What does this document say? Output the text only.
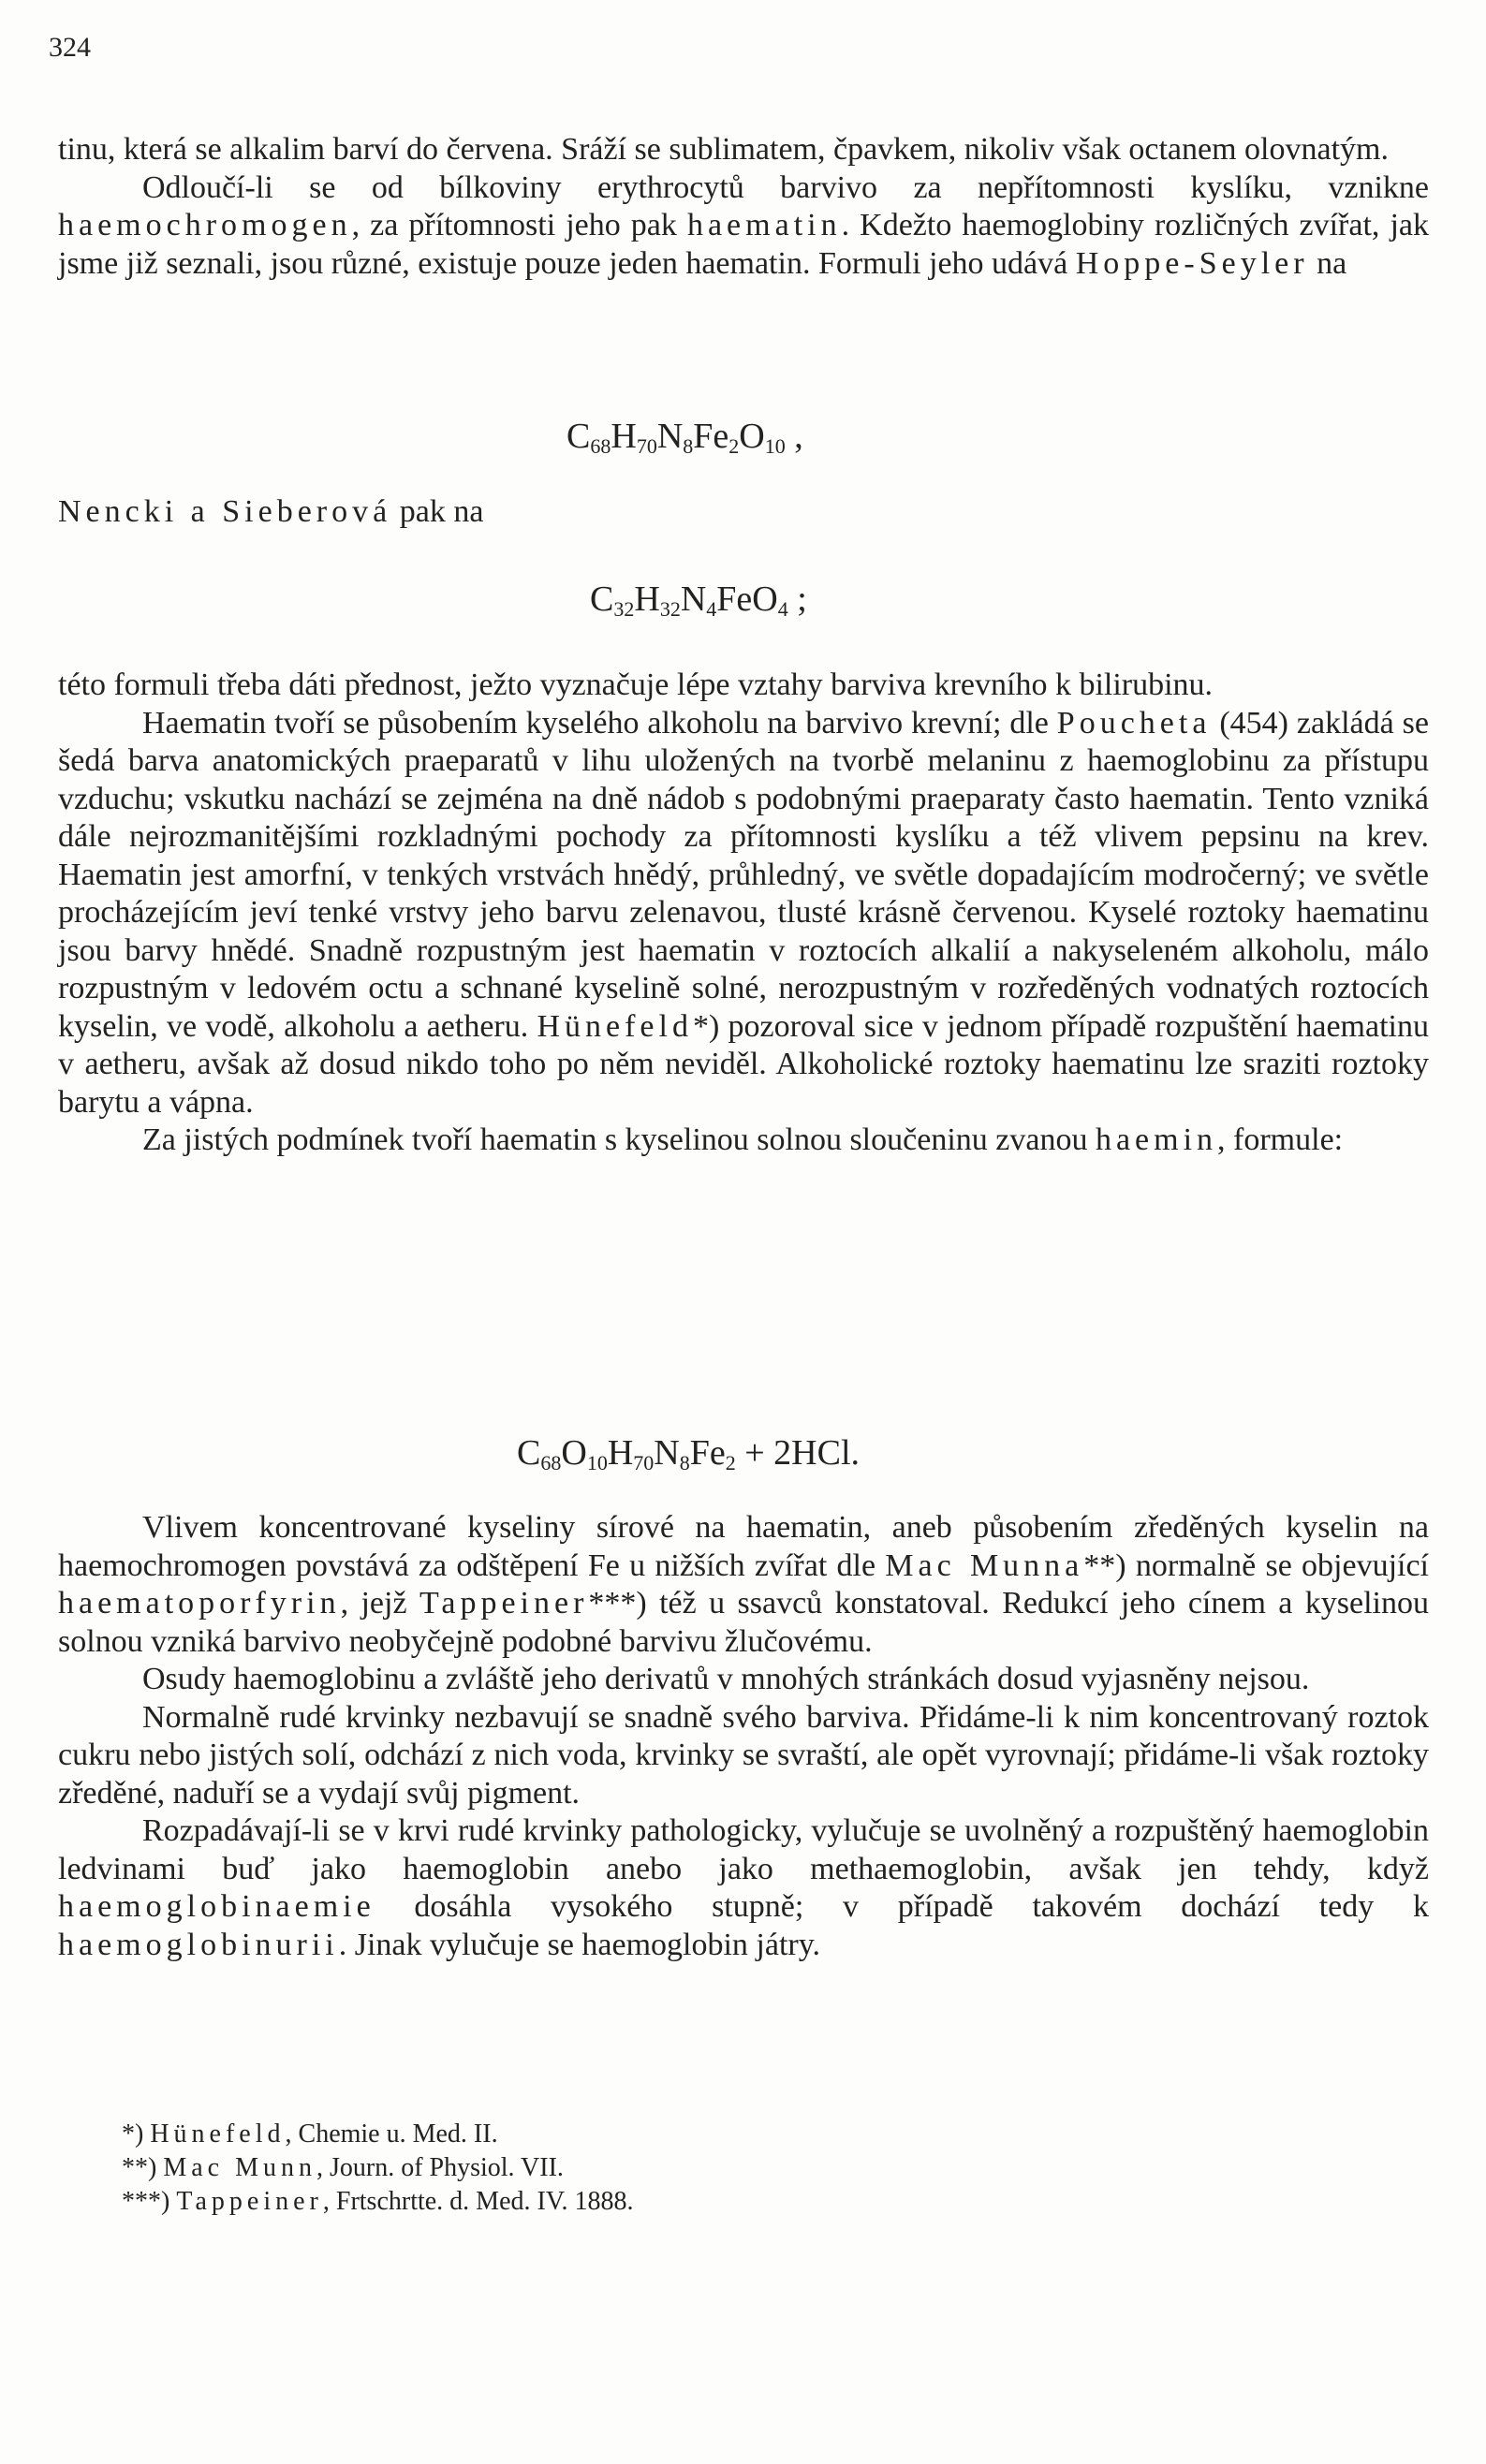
324

tinu, která se alkalim barví do červena. Sráží se sublimatem, čpavkem, nikoliv však octanem olovnatým.

Odloučí-li se od bílkoviny erythrocytů barvivo za nepřítomnosti kyslíku, vznikne haemochromogen, za přítomnosti jeho pak haematin. Kdežto haemoglobiny rozličných zvířat, jak jsme již seznali, jsou různé, existuje pouze jeden haematin. Formuli jeho udává Hoppe-Seyler na

$C_{68}H_{70}N_8Fe_2O_{10}$ ,
Nencki a Sieberová pak na
$C_{32}H_{32}N_4FeO_4$ ;

této formuli třeba dáti přednost, ježto vyznačuje lépe vztahy barviva krevního k bilirubinu.

Haematin tvoří se působením kyselého alkoholu na barvivo krevní; dle Poucheta (454) zakládá se šedá barva anatomických praeparatů v lihu uložených na tvorbě melaninu z haemoglobinu za přístupu vzduchu; vskutku nachází se zejména na dně nádob s podobnými praeparaty často haematin. Tento vzniká dále nejrozmanitějšími rozkladnými pochody za přítomnosti kyslíku a též vlivem pepsinu na krev. Haematin jest amorfní, v tenkých vrstvách hnědý, průhledný, ve světle dopadajícím modročerný; ve světle procházejícím jeví tenké vrstvy jeho barvu zelenavou, tlusté krásně červenou. Kyselé roztoky haematinu jsou barvy hnědé. Snadně rozpustným jest haematin v roztocích alkalií a nakyseleném alkoholu, málo rozpustným v ledovém octu a schnané kyselině solné, nerozpustným v rozředěných vodnatých roztocích kyselin, ve vodě, alkoholu a aetheru. Hünefeld*) pozoroval sice v jednom případě rozpuštění haematinu v aetheru, avšak až dosud nikdo toho po něm neviděl. Alkoholické roztoky haematinu lze sraziti roztoky barytu a vápna.

Za jistých podmínek tvoří haematin s kyselinou solnou sloučeninu zvanou haemin, formule:

$C_{68}O_{10}H_{70}N_8Fe_2 + 2HCl$.

Vlivem koncentrované kyseliny sírové na haematin, aneb působením zředěných kyselin na haemochromogen povstává za odštěpení Fe u nižších zvířat dle Mac Munna**) normalně se objevující haematoporfyrin, jejž Tappeiner***) též u ssavců konstatoval. Redukcí jeho cínem a kyselinou solnou vzniká barvivo neobyčejně podobné barvivu žlučovému.

Osudy haemoglobinu a zvláště jeho derivatů v mnohých stránkách dosud vyjasněny nejsou.

Normalně rudé krvinky nezbavují se snadně svého barviva. Přidáme-li k nim koncentrovaný roztok cukru nebo jistých solí, odchází z nich voda, krvinky se svraští, ale opět vyrovnají; přidáme-li však roztoky zředěné, naduří se a vydají svůj pigment.

Rozpadávají-li se v krvi rudé krvinky pathologicky, vylučuje se uvolněný a rozpuštěný haemoglobin ledvinami buď jako haemoglobin anebo jako methaemoglobin, avšak jen tehdy, když haemoglobinaemie dosáhla vysokého stupně; v případě takovém dochází tedy k haemoglobinurii. Jinak vylučuje se haemoglobin játry.

*) Hünefeld, Chemie u. Med. II.

**) Mac Munn, Journ. of Physiol. VII.

***) Tappeiner, Frtschrtte. d. Med. IV. 1888.
